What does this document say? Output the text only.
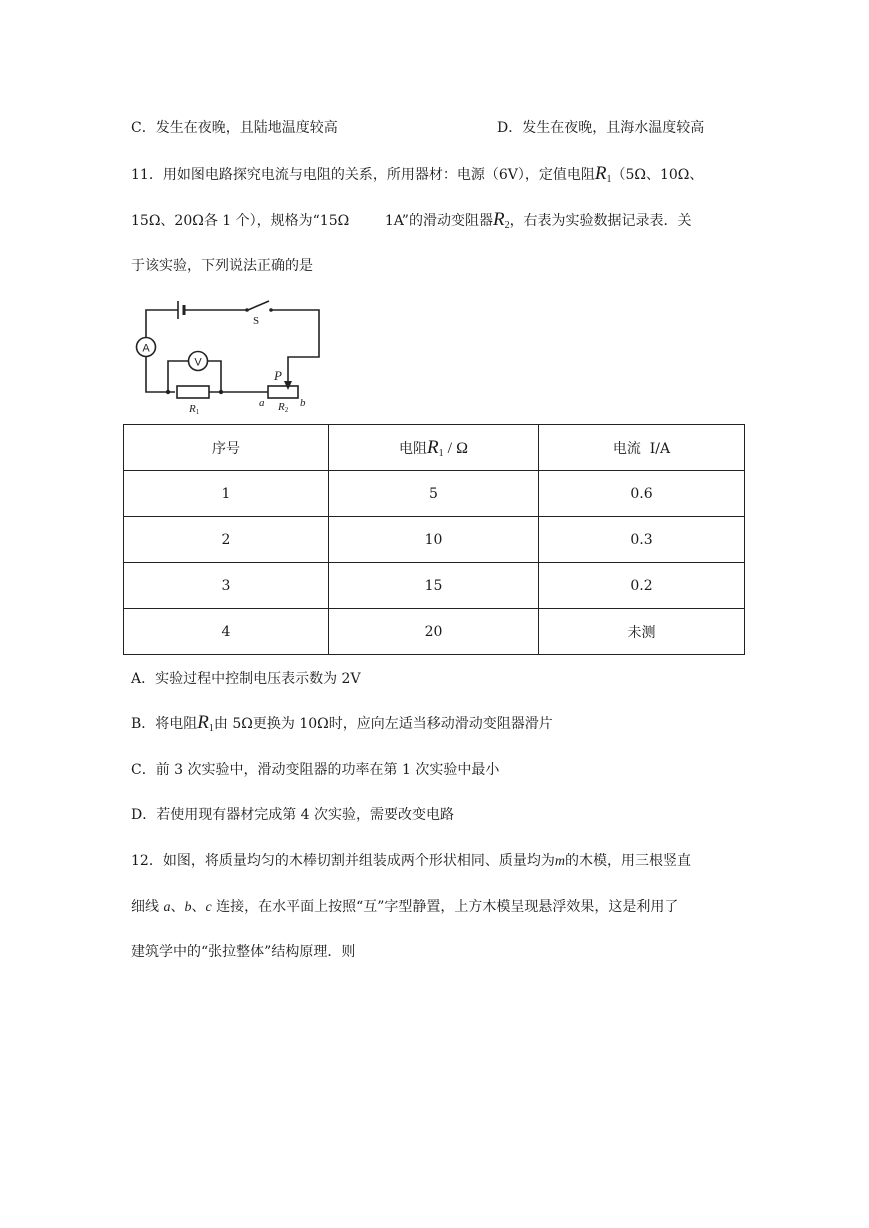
C．发生在夜晚，且陆地温度较高	D．发生在夜晚，且海水温度较高
11．用如图电路探究电流与电阻的关系，所用器材：电源（6V），定值电阻$R_1(5\Omega$、10Ω、
15Ω、20Ω各 1 个），规格为“15Ω        1A”的滑动变阻器$R_2$，右表为实验数据记录表．关
于该实验，下列说法正确的是
A
V
S
P
R1	R2
a	b
序号	电阻$R_1$ / Ω	电流  I/A
1	5	0.6
2	10	0.3
3	15	0.2
4	20	未测
A．实验过程中控制电压表示数为 2V
B．将电阻$R_1$由 5Ω更换为 10Ω时，应向左适当移动滑动变阻器滑片
C．前 3 次实验中，滑动变阻器的功率在第 1 次实验中最小
D．若使用现有器材完成第 4 次实验，需要改变电路
12．如图，将质量均匀的木棒切割并组装成两个形状相同、质量均为m的木模，用三根竖直
细线 a、b、c 连接，在水平面上按照“互”字型静置，上方木模呈现悬浮效果，这是利用了
建筑学中的“张拉整体”结构原理．则
